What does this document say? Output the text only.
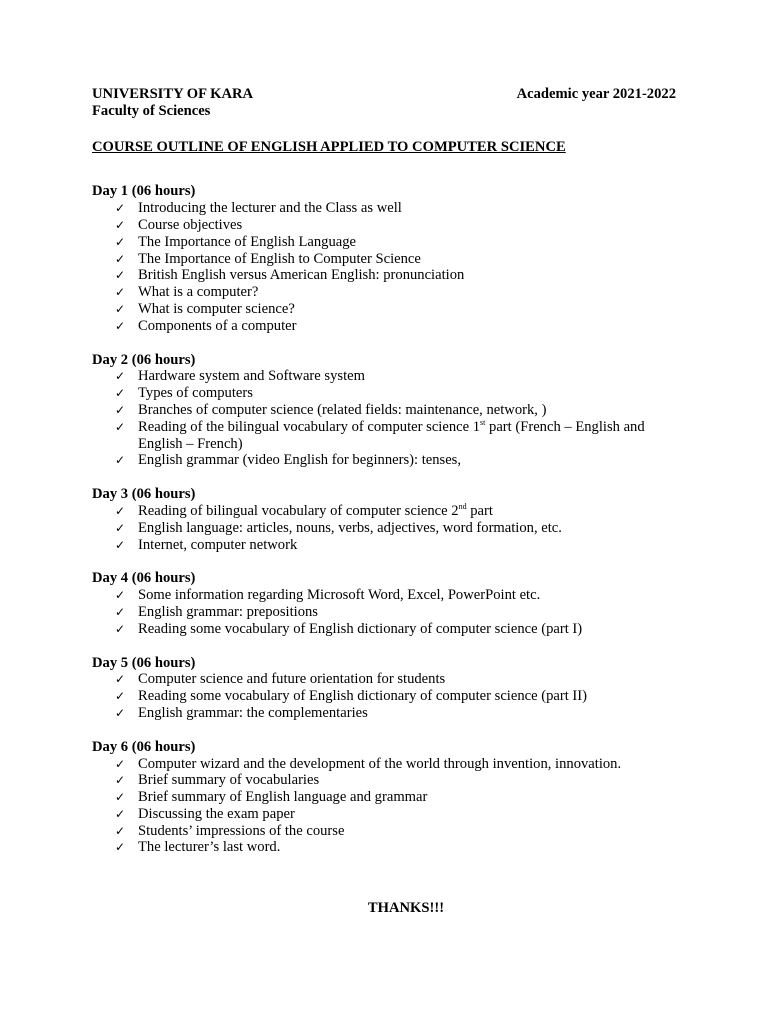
UNIVERSITY OF KARA	Academic year 2021-2022
Faculty of Sciences
COURSE OUTLINE OF ENGLISH APPLIED TO COMPUTER SCIENCE
Day 1 (06 hours)
✓ Introducing the lecturer and the Class as well
✓ Course objectives
✓ The Importance of English Language
✓ The Importance of English to Computer Science
✓ British English versus American English: pronunciation
✓ What is a computer?
✓ What is computer science?
✓ Components of a computer
Day 2 (06 hours)
✓ Hardware system and Software system
✓ Types of computers
✓ Branches of computer science (related fields: maintenance, network, )
✓ Reading of the bilingual vocabulary of computer science 1st part (French – English and English – French)
✓ English grammar (video English for beginners): tenses,
Day 3 (06 hours)
✓ Reading of bilingual vocabulary of computer science 2nd part
✓ English language: articles, nouns, verbs, adjectives, word formation, etc.
✓ Internet, computer network
Day 4 (06 hours)
✓ Some information regarding Microsoft Word, Excel, PowerPoint etc.
✓ English grammar: prepositions
✓ Reading some vocabulary of English dictionary of computer science (part I)
Day 5 (06 hours)
✓ Computer science and future orientation for students
✓ Reading some vocabulary of English dictionary of computer science (part II)
✓ English grammar: the complementaries
Day 6 (06 hours)
✓ Computer wizard and the development of the world through invention, innovation.
✓ Brief summary of vocabularies
✓ Brief summary of English language and grammar
✓ Discussing the exam paper
✓ Students’ impressions of the course
✓ The lecturer’s last word.
THANKS!!!
